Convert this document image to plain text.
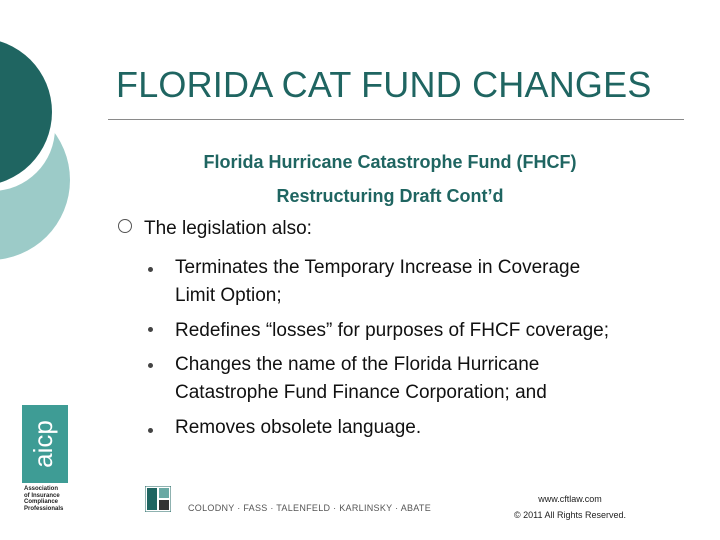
FLORIDA CAT FUND CHANGES
Florida Hurricane Catastrophe Fund (FHCF)
Restructuring Draft Cont’d
The legislation also:
Terminates the Temporary Increase in Coverage
Limit Option;
Redefines “losses” for purposes of FHCF coverage;
Changes the name of the Florida Hurricane
Catastrophe Fund Finance Corporation; and
Removes obsolete language.
aicp
Association
of Insurance
Compliance
Professionals	COLODNY · FASS · TALENFELD · KARLINSKY · ABATE
www.cftlaw.com
© 2011 All Rights Reserved.
